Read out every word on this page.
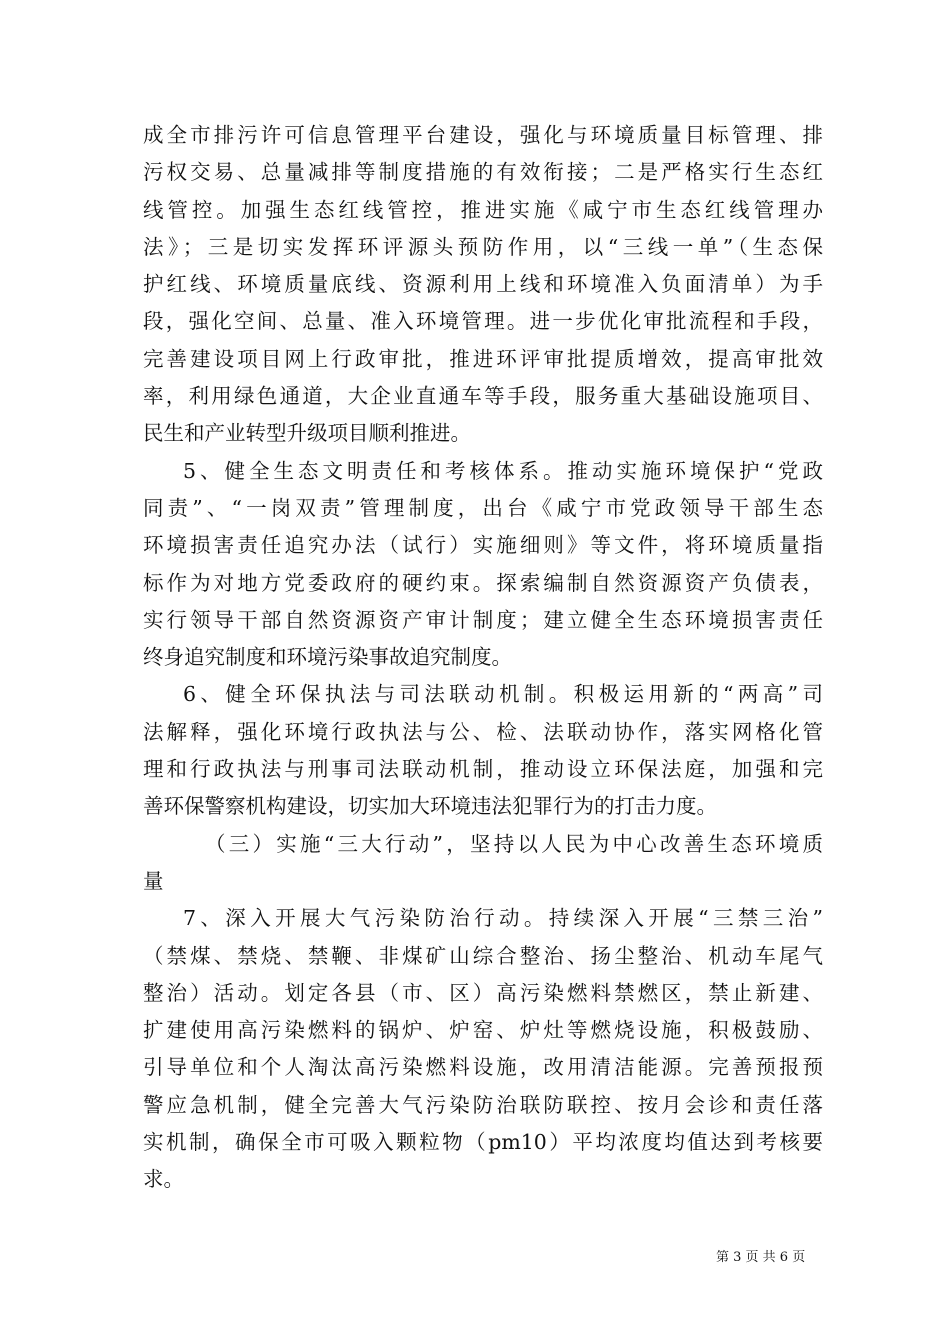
成全市排污许可信息管理平台建设，强化与环境质量目标管理、排
污权交易、总量减排等制度措施的有效衔接；二是严格实行生态红
线管控。加强生态红线管控，推进实施《咸宁市生态红线管理办
法》；三是切实发挥环评源头预防作用，以“三线一单”（生态保
护红线、环境质量底线、资源利用上线和环境准入负面清单）为手
段，强化空间、总量、准入环境管理。进一步优化审批流程和手段，
完善建设项目网上行政审批，推进环评审批提质增效，提高审批效
率，利用绿色通道，大企业直通车等手段，服务重大基础设施项目、
民生和产业转型升级项目顺利推进。
5、健全生态文明责任和考核体系。推动实施环境保护“党政
同责”、“一岗双责”管理制度，出台《咸宁市党政领导干部生态
环境损害责任追究办法（试行）实施细则》等文件，将环境质量指
标作为对地方党委政府的硬约束。探索编制自然资源资产负债表，
实行领导干部自然资源资产审计制度；建立健全生态环境损害责任
终身追究制度和环境污染事故追究制度。
6、健全环保执法与司法联动机制。积极运用新的“两高”司
法解释，强化环境行政执法与公、检、法联动协作，落实网格化管
理和行政执法与刑事司法联动机制，推动设立环保法庭，加强和完
善环保警察机构建设，切实加大环境违法犯罪行为的打击力度。
（三）实施“三大行动”，坚持以人民为中心改善生态环境质
量
7、深入开展大气污染防治行动。持续深入开展“三禁三治”
（禁煤、禁烧、禁鞭、非煤矿山综合整治、扬尘整治、机动车尾气
整治）活动。划定各县（市、区）高污染燃料禁燃区，禁止新建、
扩建使用高污染燃料的锅炉、炉窑、炉灶等燃烧设施，积极鼓励、
引导单位和个人淘汰高污染燃料设施，改用清洁能源。完善预报预
警应急机制，健全完善大气污染防治联防联控、按月会诊和责任落
实机制，确保全市可吸入颗粒物（pm10）平均浓度均值达到考核要
求。
第 3 页 共 6 页
